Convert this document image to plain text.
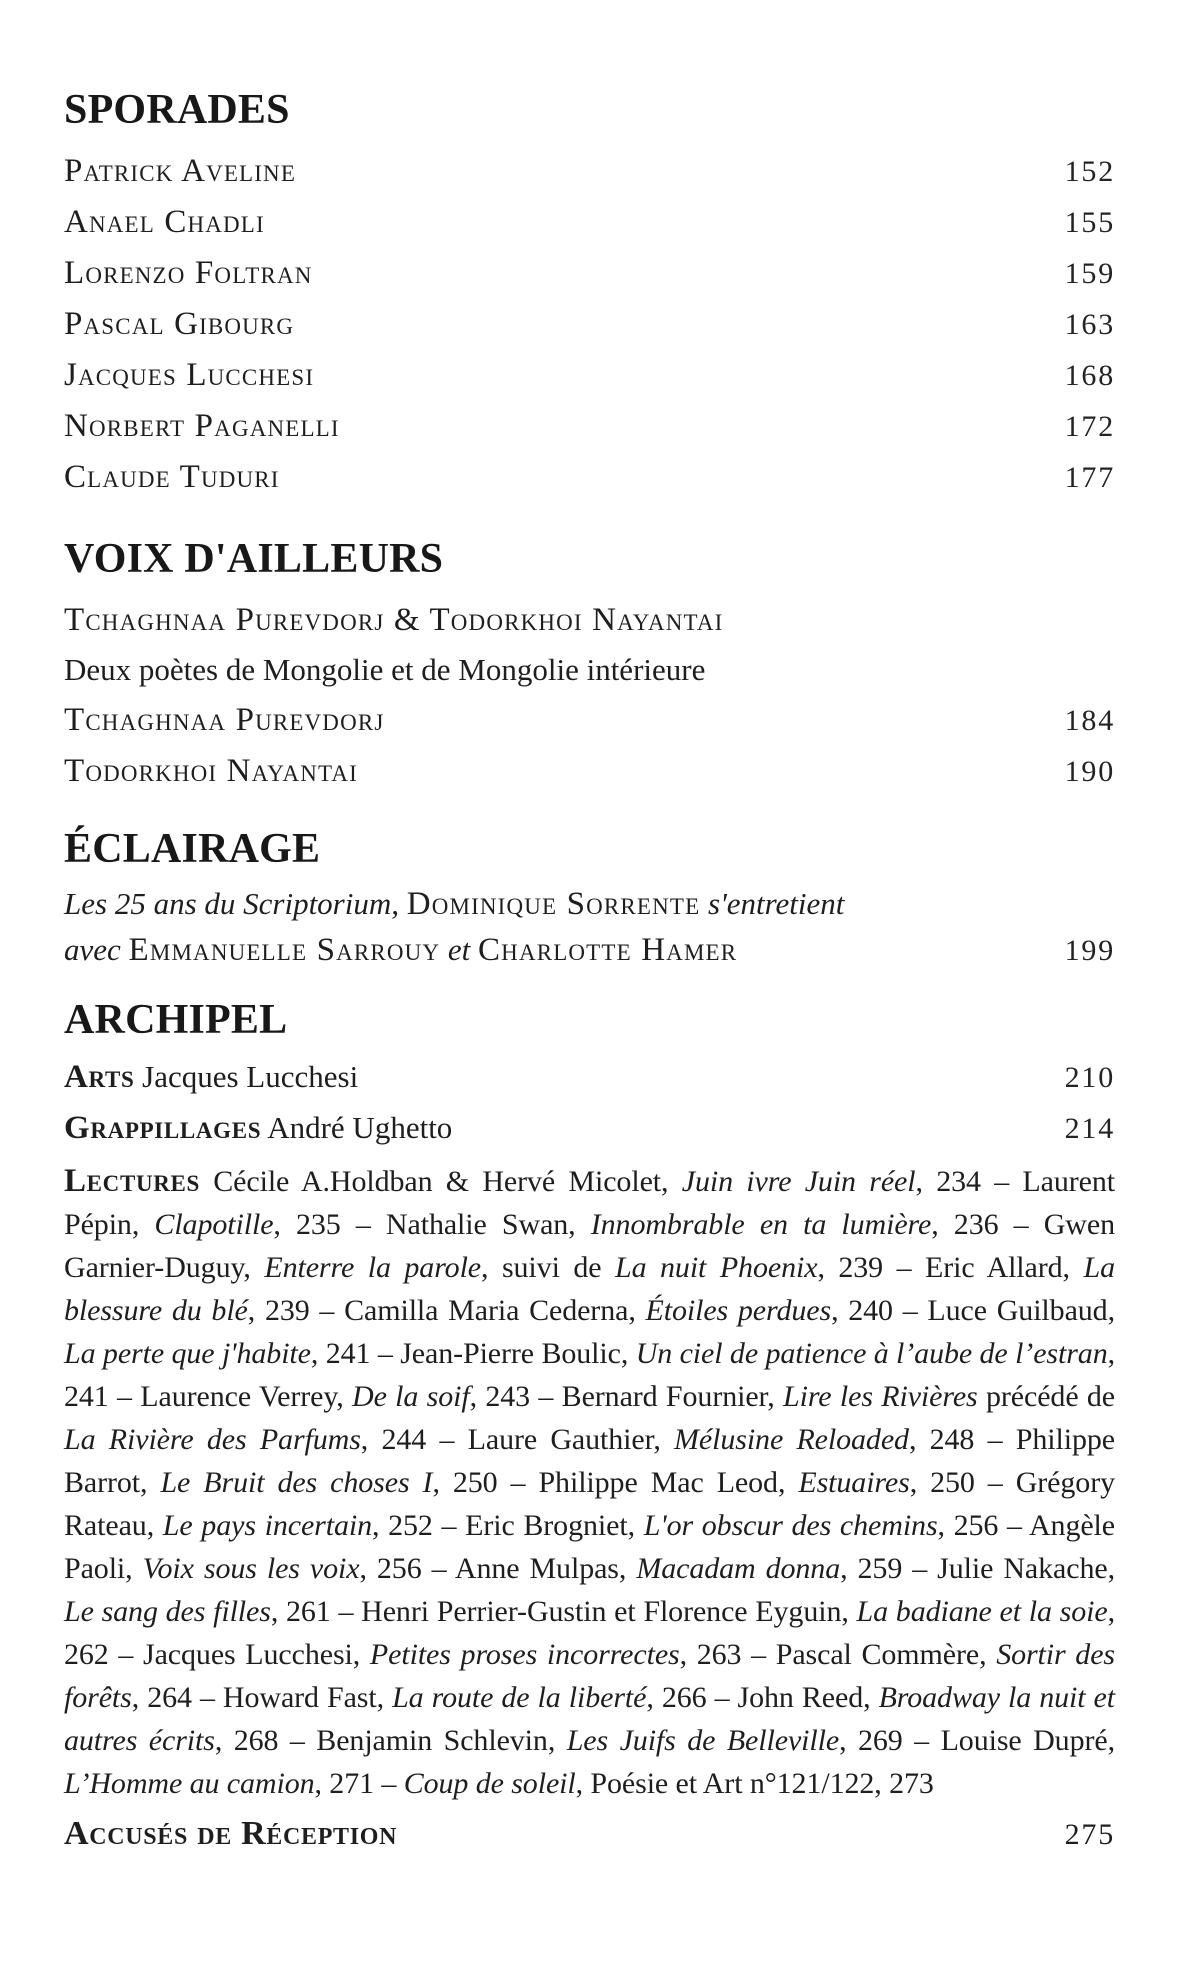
SPORADES
Patrick Aveline	152
Anael Chadli	155
Lorenzo Foltran	159
Pascal Gibourg	163
Jacques Lucchesi	168
Norbert Paganelli	172
Claude Tuduri	177
VOIX D'AILLEURS
Tchaghnaa Purevdorj & Todorkhoi Nayantai
Deux poètes de Mongolie et de Mongolie intérieure
Tchaghnaa Purevdorj	184
Todorkhoi Nayantai	190
ÉCLAIRAGE
Les 25 ans du Scriptorium, Dominique Sorrente s'entretient
avec Emmanuelle Sarrouy et Charlotte Hamer	199
ARCHIPEL
Arts Jacques Lucchesi	210
Grappillages André Ughetto	214

Lectures Cécile A.Holdban & Hervé Micolet, Juin ivre Juin réel, 234 – Laurent Pépin, Clapotille, 235 – Nathalie Swan, Innombrable en ta lumière, 236 – Gwen Garnier-Duguy, Enterre la parole, suivi de La nuit Phoenix, 239 – Eric Allard, La blessure du blé, 239 – Camilla Maria Cederna, Étoiles perdues, 240 – Luce Guilbaud, La perte que j'habite, 241 – Jean-Pierre Boulic, Un ciel de patience à l’aube de l’estran, 241 – Laurence Verrey, De la soif, 243 – Bernard Fournier, Lire les Rivières précédé de La Rivière des Parfums, 244 – Laure Gauthier, Mélusine Reloaded, 248 – Philippe Barrot, Le Bruit des choses I, 250 – Philippe Mac Leod, Estuaires, 250 – Grégory Rateau, Le pays incertain, 252 – Eric Brogniet, L'or obscur des chemins, 256 – Angèle Paoli, Voix sous les voix, 256 – Anne Mulpas, Macadam donna, 259 – Julie Nakache, Le sang des filles, 261 – Henri Perrier-Gustin et Florence Eyguin, La badiane et la soie, 262 – Jacques Lucchesi, Petites proses incorrectes, 263 – Pascal Commère, Sortir des forêts, 264 – Howard Fast, La route de la liberté, 266 – John Reed, Broadway la nuit et autres écrits, 268 – Benjamin Schlevin, Les Juifs de Belleville, 269 – Louise Dupré, L’Homme au camion, 271 – Coup de soleil, Poésie et Art n°121/122, 273

Accusés de Réception	275
